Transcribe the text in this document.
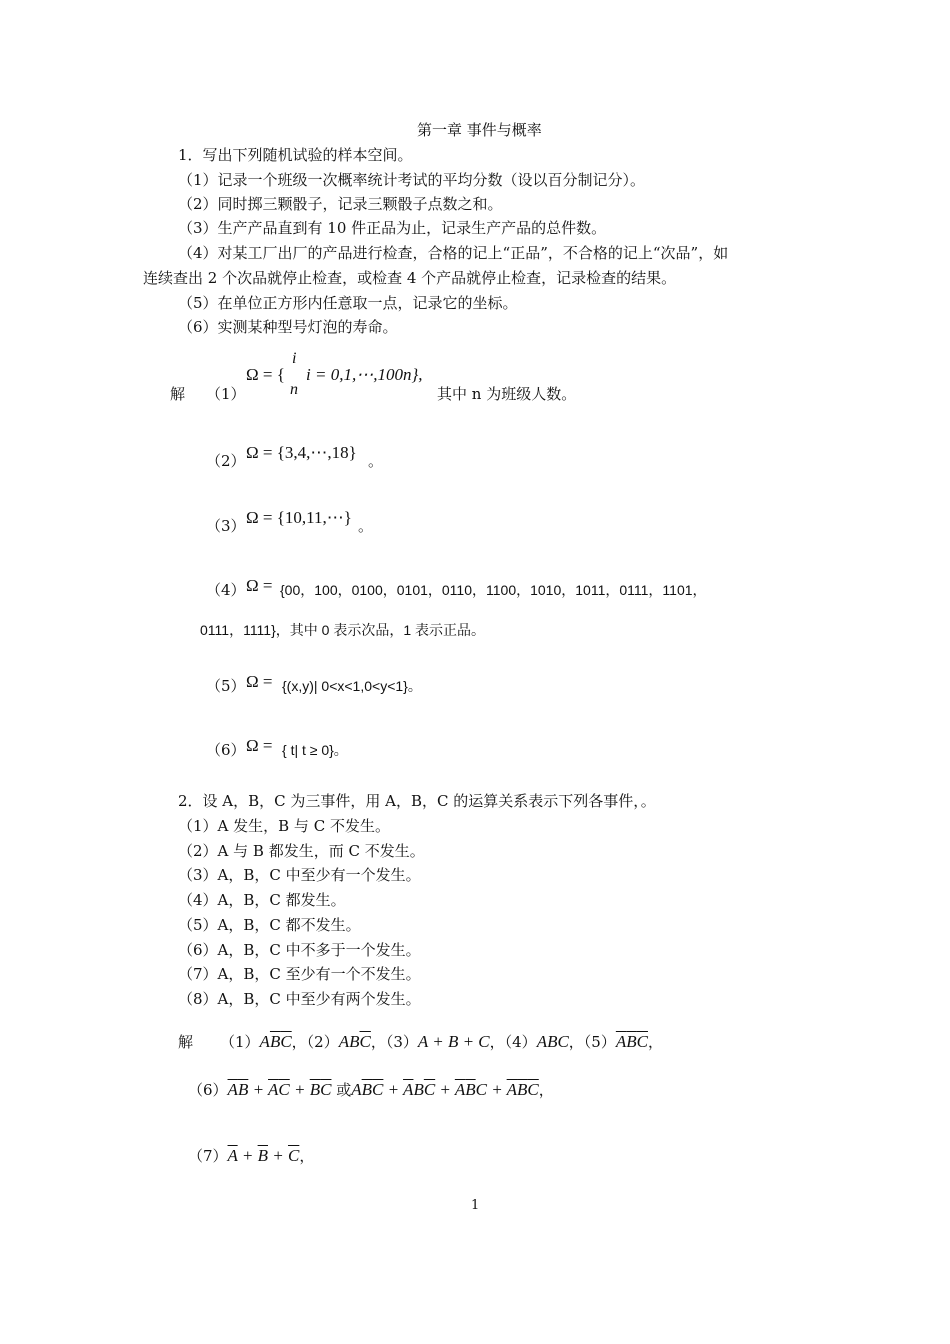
第一章 事件与概率
1．写出下列随机试验的样本空间。
（1）记录一个班级一次概率统计考试的平均分数（设以百分制记分）。
（2）同时掷三颗骰子，记录三颗骰子点数之和。
（3）生产产品直到有 10 件正品为止，记录生产产品的总件数。
（4）对某工厂出厂的产品进行检查，合格的记上“正品”，不合格的记上“次品”，如
连续查出 2 个次品就停止检查，或检查 4 个产品就停止检查，记录检查的结果。
（5）在单位正方形内任意取一点，记录它的坐标。
（6）实测某种型号灯泡的寿命。
解 （1）
Ω = {
i
n
i = 0,1,⋯,100n},
其中 n 为班级人数。
（2） Ω = {3,4,⋯,18} 。
（3） Ω = {10,11,⋯} 。
（4） Ω = {00，100，0100，0101，0110，1100，1010，1011，0111，1101，
0111，1111}，其中 0 表示次品，1 表示正品。
（5） Ω = {(x,y)| 0<x<1,0<y<1}。
（6） Ω = { t| t ≥ 0}。
2．设 A，B，C 为三事件，用 A，B，C 的运算关系表示下列各事件，。
（1）A 发生，B 与 C 不发生。
（2）A 与 B 都发生，而 C 不发生。
（3）A，B，C 中至少有一个发生。
（4）A，B，C 都发生。
（5）A，B，C 都不发生。
（6）A，B，C 中不多于一个发生。
（7）A，B，C 至少有一个不发生。
（8）A，B，C 中至少有两个发生。
解 $(1)A\overline{B}\overline{C}$，$(2)AB\overline{C}$，（3）A + B + C，（4）ABC，$(5)\overline{A}\overline{B}\overline{C}$，
$(6)\overline{A}\overline{B} + \overline{A}\overline{C} + \overline{B}\overline{C}$ 或$A\overline{B}\overline{C} + \overline{A}B\overline{C} + \overline{A}\overline{B}C + \overline{A}\overline{B}\overline{C}$，
$(7)\overline{A} + \overline{B} + \overline{C}$，
1
